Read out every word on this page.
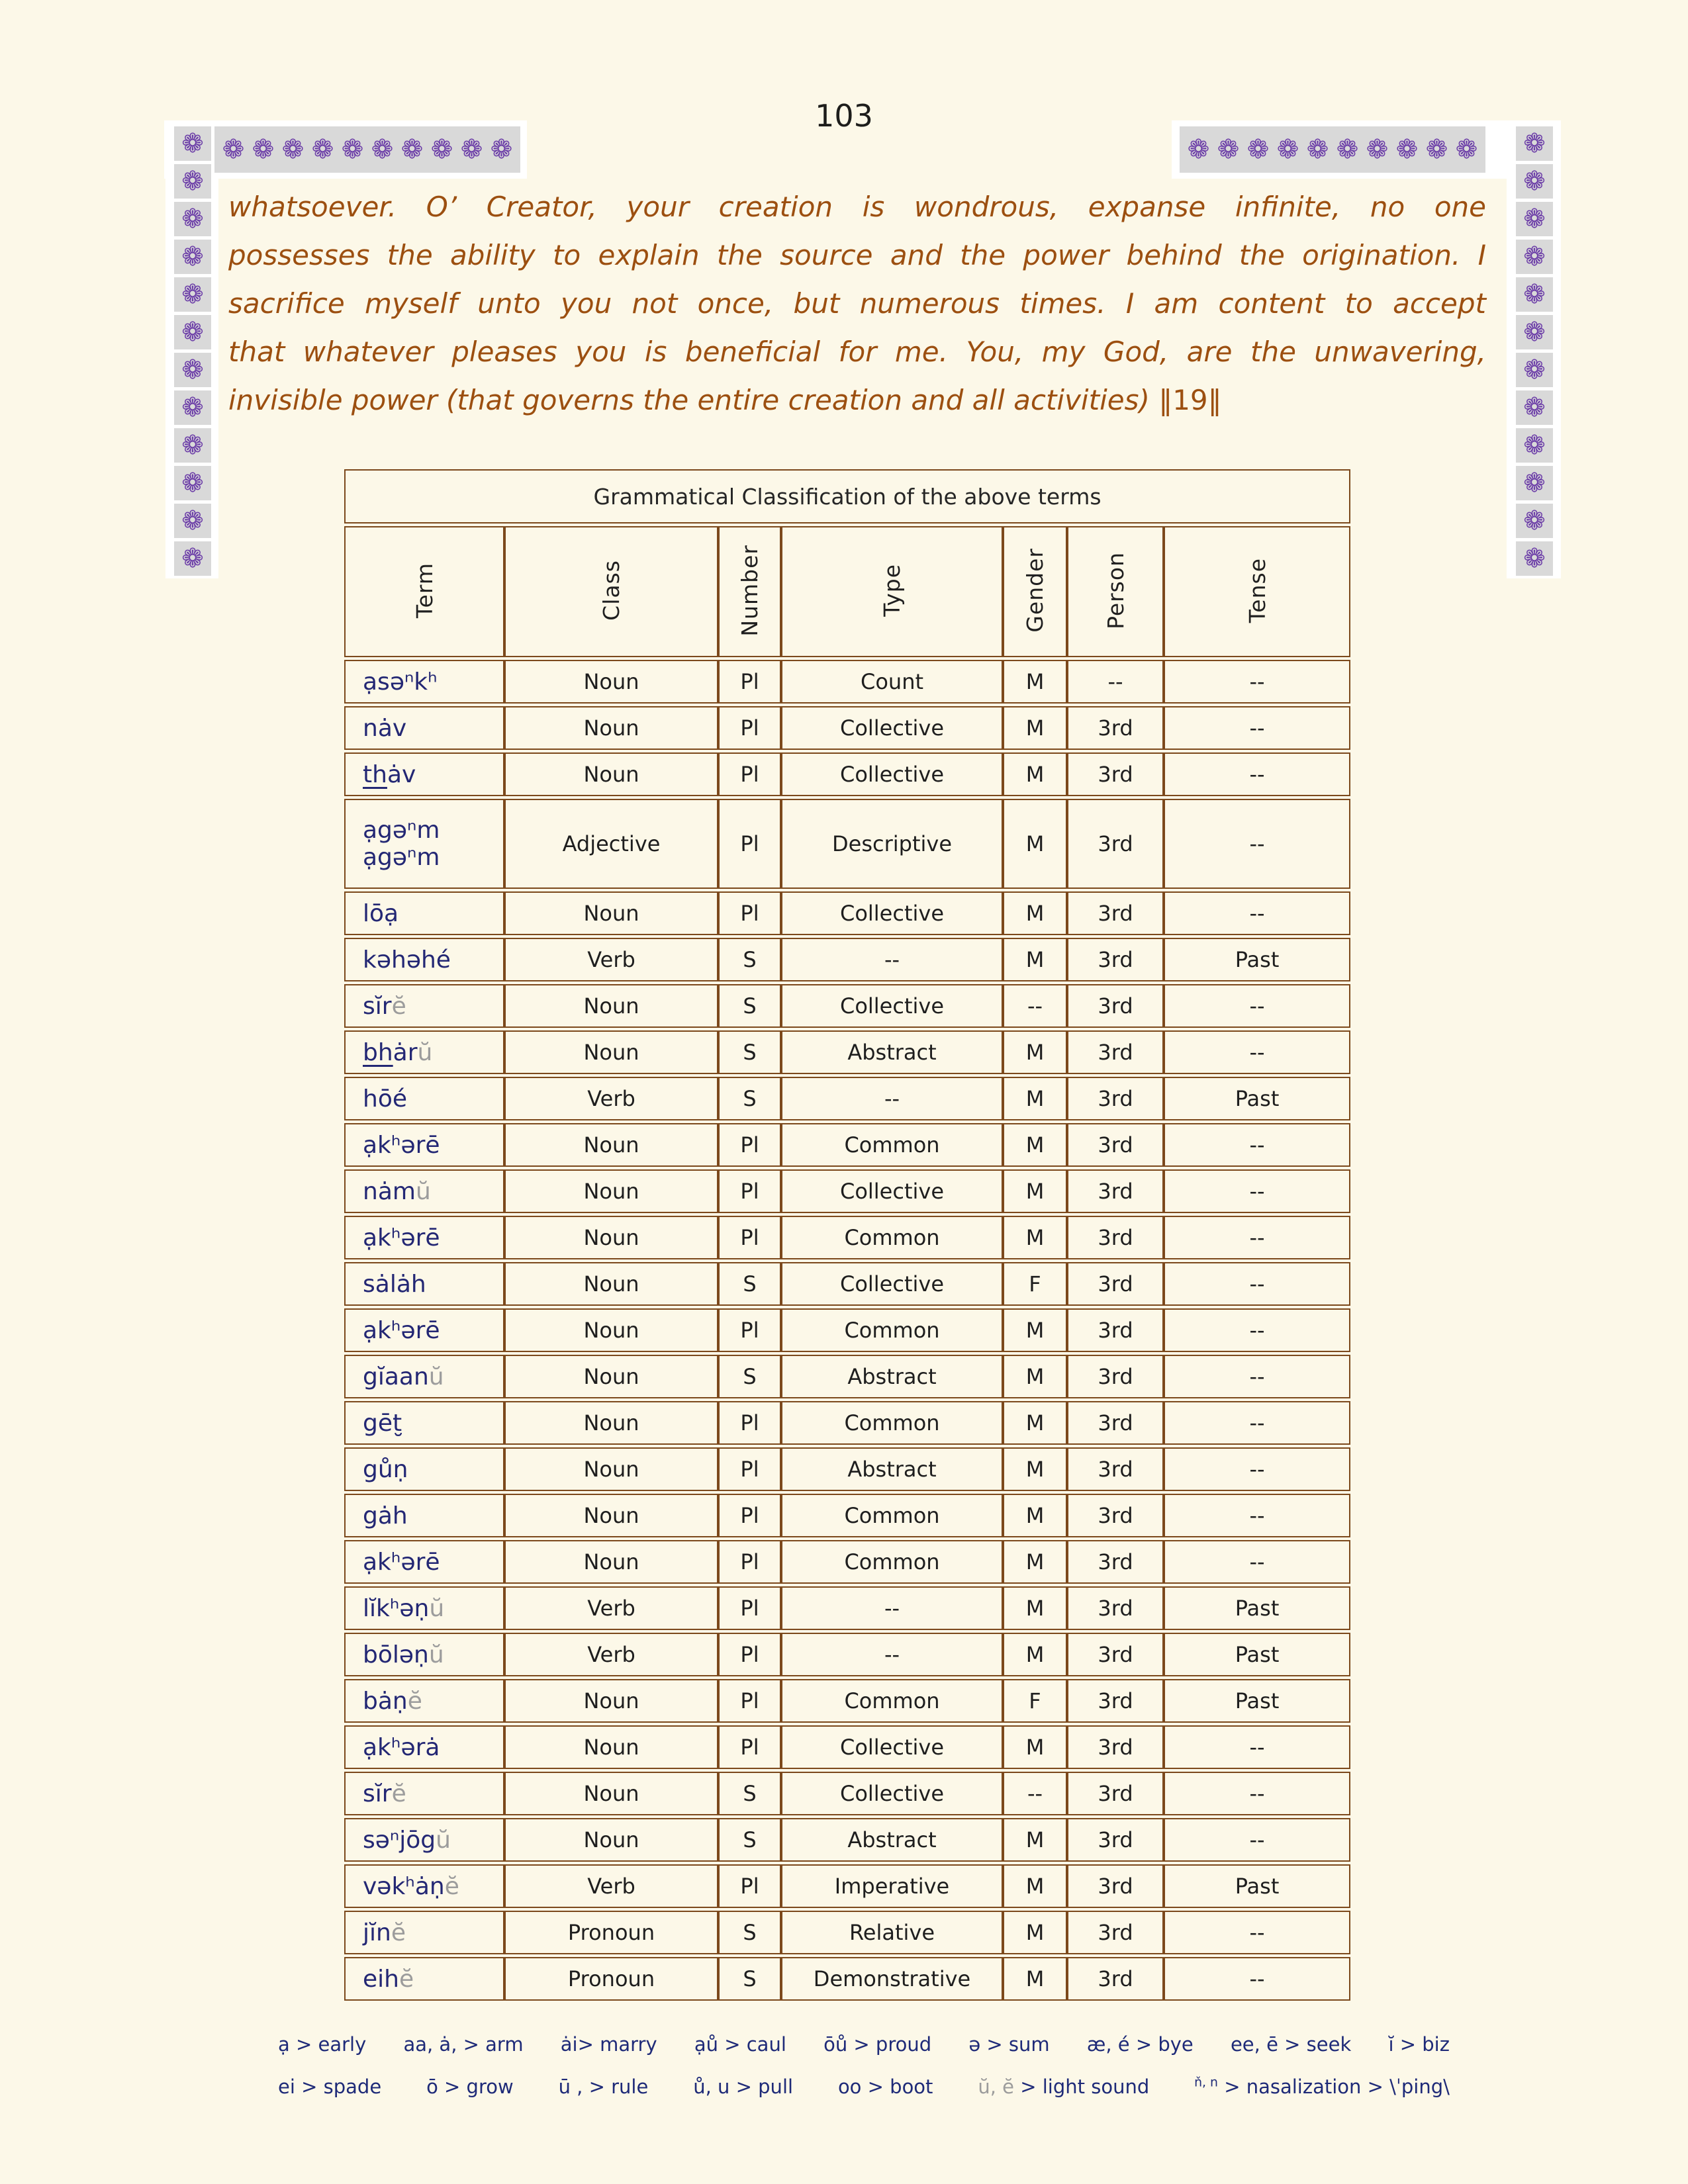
103
❁ ❁ ❁ ❁ ❁ ❁ ❁ ❁ ❁ ❁	❁ ❁ ❁ ❁ ❁ ❁ ❁ ❁ ❁ ❁
❁
❁
❁
❁
❁
❁
❁
❁
❁
❁
❁
❁
❁
❁
❁
❁
❁
❁
❁
❁
❁
❁
❁
❁
whatsoever. O’ Creator, your creation is wondrous, expanse infinite, no one
possesses the ability to explain the source and the power behind the origination. I
sacrifice myself unto you not once, but numerous times. I am content to accept
that whatever pleases you is beneficial for me. You, my God, are the unwavering,
invisible power (that governs the entire creation and all activities) ‖19‖
Grammatical Classification of the above terms						
Term	Class	Number	Type	Gender	Person	Tense
ạsəⁿkʰ	Noun	Pl	Count	M	--	--
nȧv	Noun	Pl	Collective	M	3rd	--
thȧv	Noun	Pl	Collective	M	3rd	--
ạgəⁿm
ạgəⁿm	Adjective	Pl	Descriptive	M	3rd	--
lōạ	Noun	Pl	Collective	M	3rd	--
kəhəhé	Verb	S	--	M	3rd	Past
sĭrĕ	Noun	S	Collective	--	3rd	--
bhȧrŭ	Noun	S	Abstract	M	3rd	--
hōé	Verb	S	--	M	3rd	Past
ạkʰərē	Noun	Pl	Common	M	3rd	--
nȧmŭ	Noun	Pl	Collective	M	3rd	--
ạkʰərē	Noun	Pl	Common	M	3rd	--
sȧlȧh	Noun	S	Collective	F	3rd	--
ạkʰərē	Noun	Pl	Common	M	3rd	--
gĭaanŭ	Noun	S	Abstract	M	3rd	--
gēt̮	Noun	Pl	Common	M	3rd	--
gůṇ	Noun	Pl	Abstract	M	3rd	--
gȧh	Noun	Pl	Common	M	3rd	--
ạkʰərē	Noun	Pl	Common	M	3rd	--
lĭkʰəṇŭ	Verb	Pl	--	M	3rd	Past
bōləṇŭ	Verb	Pl	--	M	3rd	Past
bȧṇĕ	Noun	Pl	Common	F	3rd	Past
ạkʰərȧ	Noun	Pl	Collective	M	3rd	--
sĭrĕ	Noun	S	Collective	--	3rd	--
səⁿjōgŭ	Noun	S	Abstract	M	3rd	--
vəkʰȧṇĕ	Verb	Pl	Imperative	M	3rd	Past
jĭnĕ	Pronoun	S	Relative	M	3rd	--
eihĕ	Pronoun	S	Demonstrative	M	3rd	--
ạ > early aa, ȧ, > arm ȧi> marry ạů > caul ōů > proud ə > sum æ, é > bye ee, ē > seek ĭ > biz
ei > spade ō > grow ū , > rule ů, u > pull oo > boot ŭ, ĕ > light sound	$^{ň, n}$ > nasalization > \ˈping\
